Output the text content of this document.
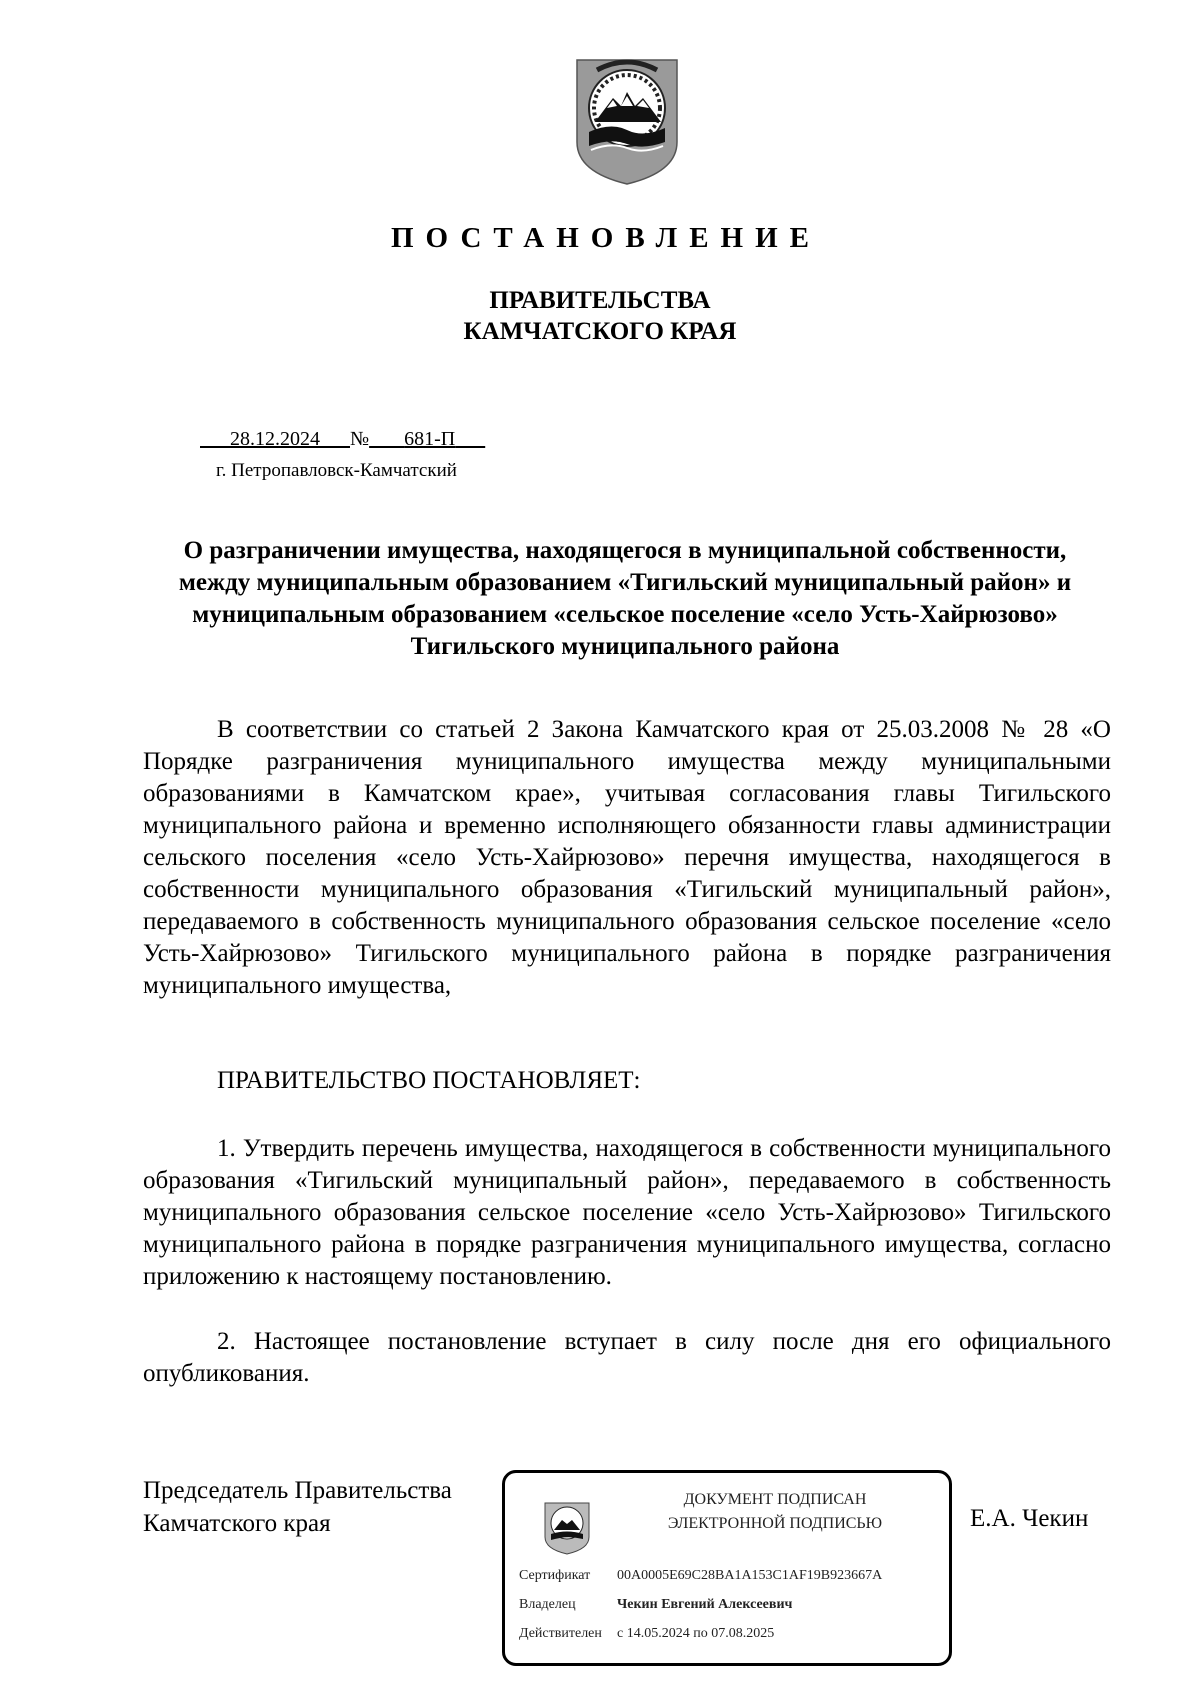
ПОСТАНОВЛЕНИЕ
ПРАВИТЕЛЬСТВА
КАМЧАТСКОГО КРАЯ
28.12.2024 № 681-П
г. Петропавловск-Камчатский
О разграничении имущества, находящегося в муниципальной собственности, между муниципальным образованием «Тигильский муниципальный район» и муниципальным образованием «сельское поселение «село Усть-Хайрюзово» Тигильского муниципального района

В соответствии со статьей 2 Закона Камчатского края от 25.03.2008 № 28 «О Порядке разграничения муниципального имущества между муниципальными образованиями в Камчатском крае», учитывая согласования главы Тигильского муниципального района и временно исполняющего обязанности главы администрации сельского поселения «село Усть-Хайрюзово» перечня имущества, находящегося в собственности муниципального образования «Тигильский муниципальный район», передаваемого в собственность муниципального образования сельское поселение «село Усть-Хайрюзово» Тигильского муниципального района в порядке разграничения муниципального имущества,

ПРАВИТЕЛЬСТВО ПОСТАНОВЛЯЕТ:

1. Утвердить перечень имущества, находящегося в собственности муниципального образования «Тигильский муниципальный район», передаваемого в собственность муниципального образования сельское поселение «село Усть-Хайрюзово» Тигильского муниципального района в порядке разграничения муниципального имущества, согласно приложению к настоящему постановлению.

2. Настоящее постановление вступает в силу после дня его официального опубликования.

Председатель Правительства
Камчатского края
ДОКУМЕНТ ПОДПИСАН
ЭЛЕКТРОННОЙ ПОДПИСЬЮ
Сертификат 00A0005E69C28BA1A153C1AF19B923667A
Владелец	Чекин Евгений Алексеевич
Действителен с 14.05.2024 по 07.08.2025
Е.А. Чекин
